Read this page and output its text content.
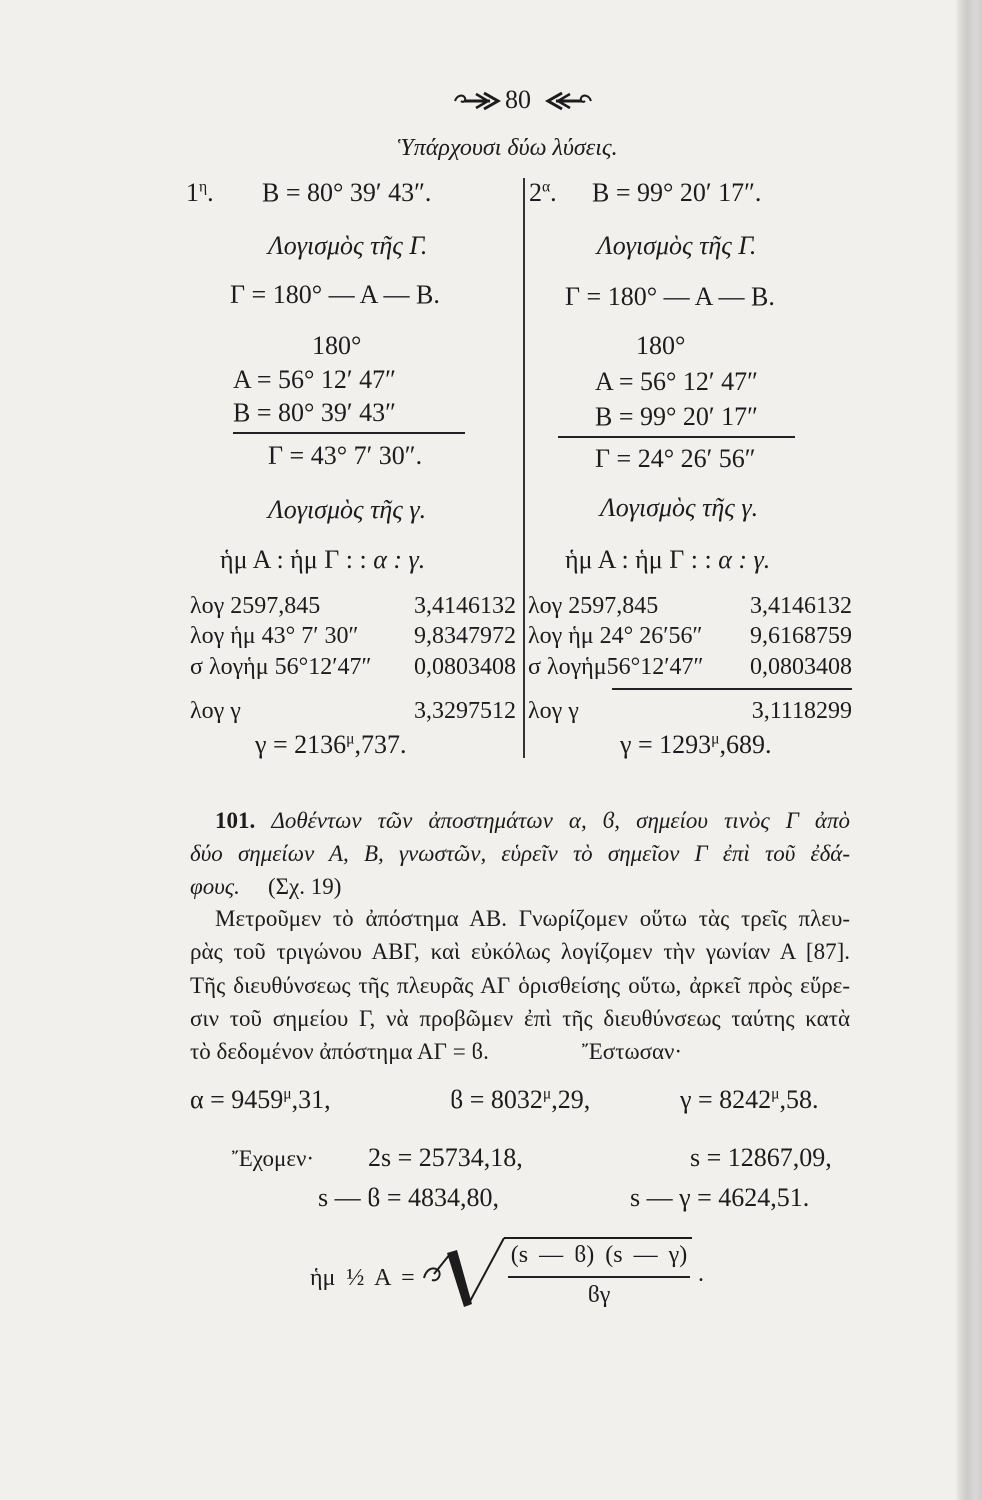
80
Ὑπάρχουσι δύω λύσεις.
$1^\eta$. Β = 80° 39′ 43″.
Λογισμὸς τῆς Γ.
Γ = 180° — Α — Β.
180°
Α = 56° 12′ 47″
Β = 80° 39′ 43″
Γ = 43° 7′ 30″.
Λογισμὸς τῆς γ.
ἡμ Α : ἡμ Γ : : α : γ.
λογ 2597,845	3,4146132
λογ ἡμ 43° 7′ 30″	9,8347972
σ λογἡμ 56°12′47″	0,0803408
λογ γ	3,3297512
$\gamma = 2136^\mu,737$.
$2^\alpha$. Β = 99° 20′ 17″.
Λογισμὸς τῆς Γ.
Γ = 180° — Α — Β.
180°
Α = 56° 12′ 47″
Β = 99° 20′ 17″
Γ = 24° 26′ 56″
Λογισμὸς τῆς γ.
ἡμ Α : ἡμ Γ : : α : γ.
λογ 2597,845	3,4146132
λογ ἡμ 24° 26′56″	9,6168759
σ λογἡμ56°12′47″	0,0803408
λογ γ	3,1118299
$\gamma = 1293^\mu,689$.
101. Δοθέντων τῶν ἀποστημάτων α, ϐ, σημείου τινὸς Γ ἀπὸ
δύο σημείων Α, Β, γνωστῶν, εὑρεῖν τὸ σημεῖον Γ ἐπὶ τοῦ ἐδά-
φους. (Σχ. 19)
Μετροῦμεν τὸ ἀπόστημα ΑΒ. Γνωρίζομεν οὕτω τὰς τρεῖς πλευ-
ρὰς τοῦ τριγώνου ΑΒΓ, καὶ εὐκόλως λογίζομεν τὴν γωνίαν Α [87].
Τῆς διευθύνσεως τῆς πλευρᾶς ΑΓ ὁρισθείσης οὕτω, ἀρκεῖ πρὸς εὕρε-
σιν τοῦ σημείου Γ, νὰ προβῶμεν ἐπὶ τῆς διευθύνσεως ταύτης κατὰ
τὸ δεδομένον ἀπόστημα ΑΓ = ϐ.	Ἔστωσαν·
$\alpha = 9459^\mu,31$,	$ϐ = 8032^\mu,29$,	$\gamma = 8242^\mu,58$.
Ἔχομεν· 2s = 25734,18,	s = 12867,09,
s — ϐ = 4834,80,	s — γ = 4624,51.
ἡμ ½ Α =
(s — ϐ) (s — γ)
ϐγ
.
